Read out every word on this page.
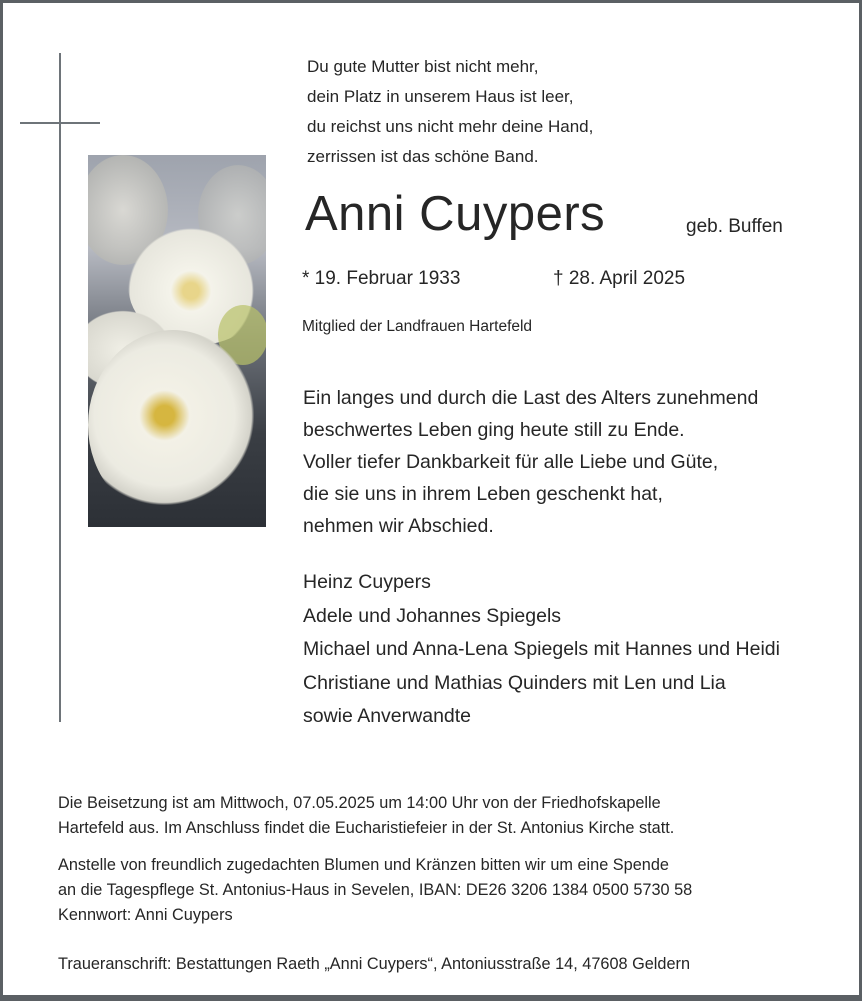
Du gute Mutter bist nicht mehr,
dein Platz in unserem Haus ist leer,
du reichst uns nicht mehr deine Hand,
zerrissen ist das schöne Band.
Anni Cuypers	geb. Buffen
* 19. Februar 1933	† 28. April 2025
Mitglied der Landfrauen Hartefeld
Ein langes und durch die Last des Alters zunehmend
beschwertes Leben ging heute still zu Ende.
Voller tiefer Dankbarkeit für alle Liebe und Güte,
die sie uns in ihrem Leben geschenkt hat,
nehmen wir Abschied.
Heinz Cuypers
Adele und Johannes Spiegels
Michael und Anna-Lena Spiegels mit Hannes und Heidi
Christiane und Mathias Quinders mit Len und Lia
sowie Anverwandte
Die Beisetzung ist am Mittwoch, 07.05.2025 um 14:00 Uhr von der Friedhofskapelle
Hartefeld aus. Im Anschluss findet die Eucharistiefeier in der St. Antonius Kirche statt.
Anstelle von freundlich zugedachten Blumen und Kränzen bitten wir um eine Spende
an die Tagespflege St. Antonius-Haus in Sevelen, IBAN: DE26 3206 1384 0500 5730 58
Kennwort: Anni Cuypers
Traueranschrift: Bestattungen Raeth „Anni Cuypers“, Antoniusstraße 14, 47608 Geldern
